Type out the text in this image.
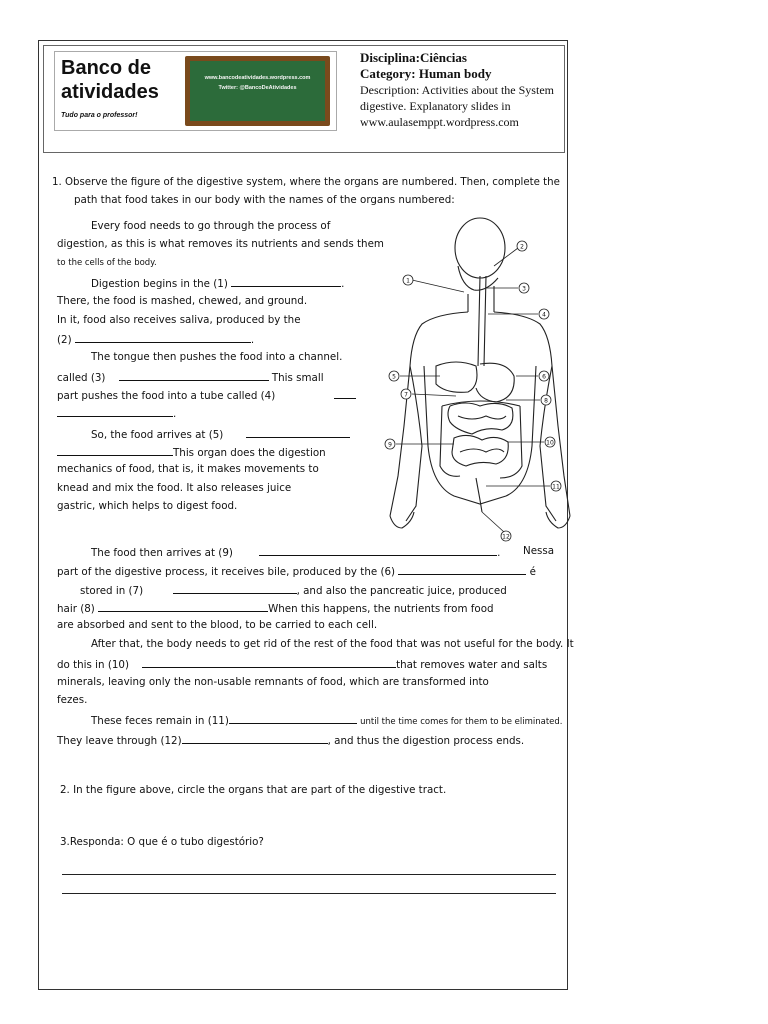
Banco de atividades
Tudo para o professor!
www.bancodeatividades.wordpress.com
Twitter: @BancoDeAtividades
Disciplina:Ciências
Category: Human body
Description: Activities about the System
digestive. Explanatory slides in
www.aulasemppt.wordpress.com
1. Observe the figure of the digestive system, where the organs are numbered. Then, complete the
path that food takes in our body with the names of the organs numbered:
Every food needs to go through the process of
digestion, as this is what removes its nutrients and sends them
to the cells of the body.
Digestion begins in the (1)	.
There, the food is mashed, chewed, and ground.
In it, food also receives saliva, produced by the
(2)	.
The tongue then pushes the food into a channel.
called (3)	This small
part pushes the food into a tube called (4)
.
So, the food arrives at (5)
This organ does the digestion
mechanics of food, that is, it makes movements to
knead and mix the food. It also releases juice
gastric, which helps to digest food.
1
2
3
4
5	6
7
8
9	10
11
12
The food then arrives at (9)	. Nessa
part of the digestive process, it receives bile, produced by the (6)	é
stored in (7)	, and also the pancreatic juice, produced
hair (8)	When this happens, the nutrients from food
are absorbed and sent to the blood, to be carried to each cell.
After that, the body needs to get rid of the rest of the food that was not useful for the body. It
do this in (10)	that removes water and salts
minerals, leaving only the non-usable remnants of food, which are transformed into
fezes.
These feces remain in (11)	until the time comes for them to be eliminated.
They leave through (12)	, and thus the digestion process ends.
2. In the figure above, circle the organs that are part of the digestive tract.
3.Responda: O que é o tubo digestório?
